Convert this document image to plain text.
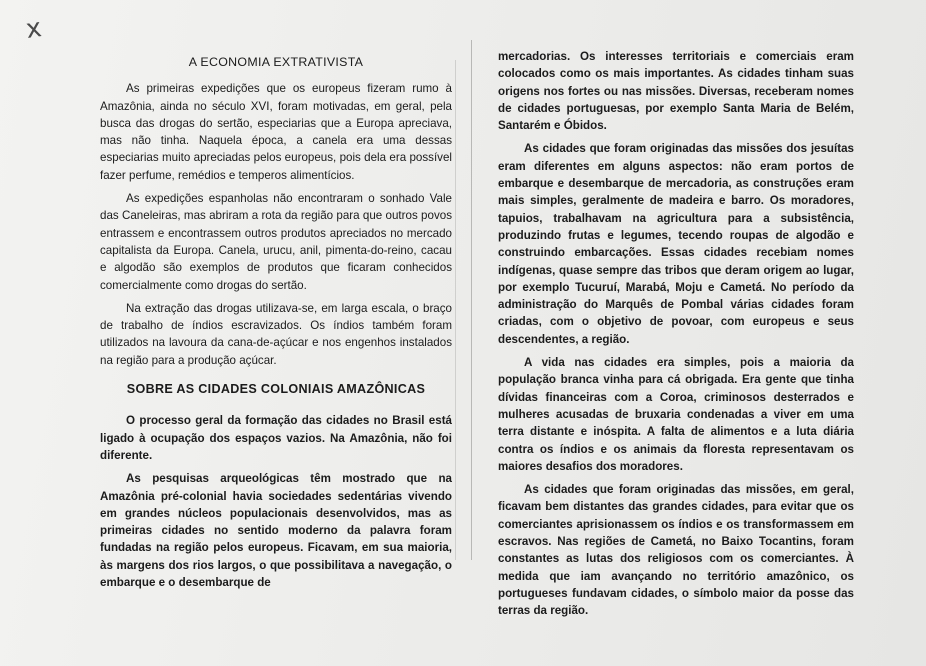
x
A ECONOMIA EXTRATIVISTA

As primeiras expedições que os europeus fizeram rumo à Amazônia, ainda no século XVI, foram motivadas, em geral, pela busca das drogas do sertão, especiarias que a Europa apreciava, mas não tinha. Naquela época, a canela era uma dessas especiarias muito apreciadas pelos europeus, pois dela era possível fazer perfume, remédios e temperos alimentícios.

As expedições espanholas não encontraram o sonhado Vale das Caneleiras, mas abriram a rota da região para que outros povos entrassem e encontrassem outros produtos apreciados no mercado capitalista da Europa. Canela, urucu, anil, pimenta-do-reino, cacau e algodão são exemplos de produtos que ficaram conhecidos comercialmente como drogas do sertão.

Na extração das drogas utilizava-se, em larga escala, o braço de trabalho de índios escravizados. Os índios também foram utilizados na lavoura da cana-de-açúcar e nos engenhos instalados na região para a produção açúcar.

SOBRE AS CIDADES COLONIAIS AMAZÔNICAS

O processo geral da formação das cidades no Brasil está ligado à ocupação dos espaços vazios. Na Amazônia, não foi diferente.

As pesquisas arqueológicas têm mostrado que na Amazônia pré-colonial havia sociedades sedentárias vivendo em grandes núcleos populacionais desenvolvidos, mas as primeiras cidades no sentido moderno da palavra foram fundadas na região pelos europeus. Ficavam, em sua maioria, às margens dos rios largos, o que possibilitava a navegação, o embarque e o desembarque de

mercadorias. Os interesses territoriais e comerciais eram colocados como os mais importantes. As cidades tinham suas origens nos fortes ou nas missões. Diversas, receberam nomes de cidades portuguesas, por exemplo Santa Maria de Belém, Santarém e Óbidos.

As cidades que foram originadas das missões dos jesuítas eram diferentes em alguns aspectos: não eram portos de embarque e desembarque de mercadoria, as construções eram mais simples, geralmente de madeira e barro. Os moradores, tapuios, trabalhavam na agricultura para a subsistência, produzindo frutas e legumes, tecendo roupas de algodão e construindo embarcações. Essas cidades recebiam nomes indígenas, quase sempre das tribos que deram origem ao lugar, por exemplo Tucuruí, Marabá, Moju e Cametá. No período da administração do Marquês de Pombal várias cidades foram criadas, com o objetivo de povoar, com europeus e seus descendentes, a região.

A vida nas cidades era simples, pois a maioria da população branca vinha para cá obrigada. Era gente que tinha dívidas financeiras com a Coroa, criminosos desterrados e mulheres acusadas de bruxaria condenadas a viver em uma terra distante e inóspita. A falta de alimentos e a luta diária contra os índios e os animais da floresta representavam os maiores desafios dos moradores.

As cidades que foram originadas das missões, em geral, ficavam bem distantes das grandes cidades, para evitar que os comerciantes aprisionassem os índios e os transformassem em escravos. Nas regiões de Cametá, no Baixo Tocantins, foram constantes as lutas dos religiosos com os comerciantes. À medida que iam avançando no território amazônico, os portugueses fundavam cidades, o símbolo maior da posse das terras da região.
